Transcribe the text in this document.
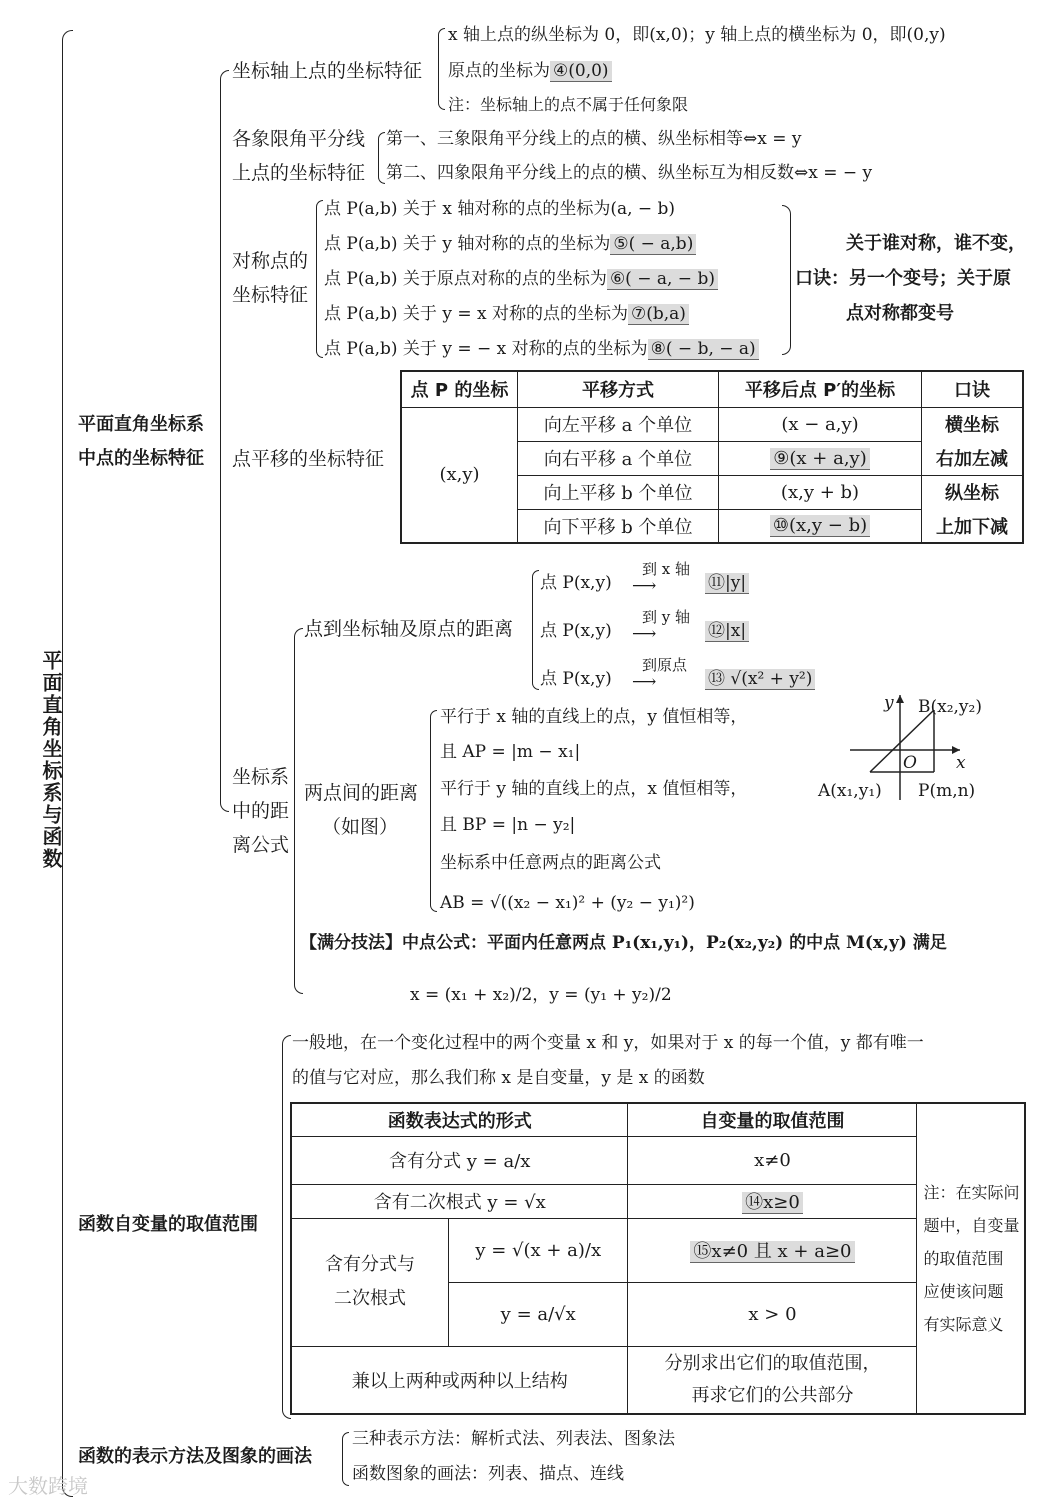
平面直角坐标系与函数
平面直角坐标系
中点的坐标特征
坐标轴上点的坐标特征
x 轴上点的纵坐标为 0，即(x,0)；y 轴上点的横坐标为 0，即(0,y)
原点的坐标为 ④(0,0)
注：坐标轴上的点不属于任何象限
各象限角平分线
上点的坐标特征
第一、三象限角平分线上的点的横、纵坐标相等⇔x = y
第二、四象限角平分线上的点的横、纵坐标互为相反数⇔x = − y
对称点的
坐标特征
点 P(a,b) 关于 x 轴对称的点的坐标为(a, − b)
点 P(a,b) 关于 y 轴对称的点的坐标为 ⑤( − a,b)
点 P(a,b) 关于原点对称的点的坐标为 ⑥( − a, − b)
点 P(a,b) 关于 y = x 对称的点的坐标为 ⑦(b,a)
点 P(a,b) 关于 y = − x 对称的点的坐标为 ⑧( − b, − a)
关于谁对称，谁不变，
口诀：另一个变号；关于原
点对称都变号
点平移的坐标特征
点 P 的坐标	平移方式	平移后点 P′的坐标	口诀
(x,y)	向左平移 a 个单位	(x − a,y)	横坐标
	向右平移 a 个单位	⑨(x + a,y)	右加左减
	向上平移 b 个单位	(x,y + b)	纵坐标
	向下平移 b 个单位	⑩(x,y − b)	上加下减
坐标系
中的距
离公式
点到坐标轴及原点的距离
点 P(x,y)
到 x 轴
⟶	⑪|y|
点 P(x,y)
到 y 轴
⟶	⑫|x|
点 P(x,y)
到原点
⟶	⑬ √(x² + y²)
两点间的距离
（如图）
平行于 x 轴的直线上的点，y 值恒相等，
且 AP = |m − x₁|
平行于 y 轴的直线上的点，x 值恒相等，
且 BP = |n − y₂|
坐标系中任意两点的距离公式
AB = √((x₂ − x₁)² + (y₂ − y₁)²)
y
x
O
B(x₂,y₂)
A(x₁,y₁) P(m,n)
【满分技法】中点公式：平面内任意两点 P₁(x₁,y₁)，P₂(x₂,y₂) 的中点 M(x,y) 满足
x = (x₁ + x₂)/2，y = (y₁ + y₂)/2
函数自变量的取值范围
一般地，在一个变化过程中的两个变量 x 和 y，如果对于 x 的每一个值，y 都有唯一
的值与它对应，那么我们称 x 是自变量，y 是 x 的函数
函数表达式的形式		自变量的取值范围	注：在实际问
题中，自变量
的取值范围
应使该问题
有实际意义

含有分式 y = a/x		x≠0	
含有二次根式 y = √x		⑭x≥0	

含有分式与
二次根式	y = √(x + a)/x	⑮x≠0 且 x + a≥0	
	y = a/√x	x > 0	
兼以上两种或两种以上结构		分别求出它们的取值范围，
再求它们的公共部分	
函数的表示方法及图象的画法
三种表示方法：解析式法、列表法、图象法
函数图象的画法：列表、描点、连线
大数跨境
